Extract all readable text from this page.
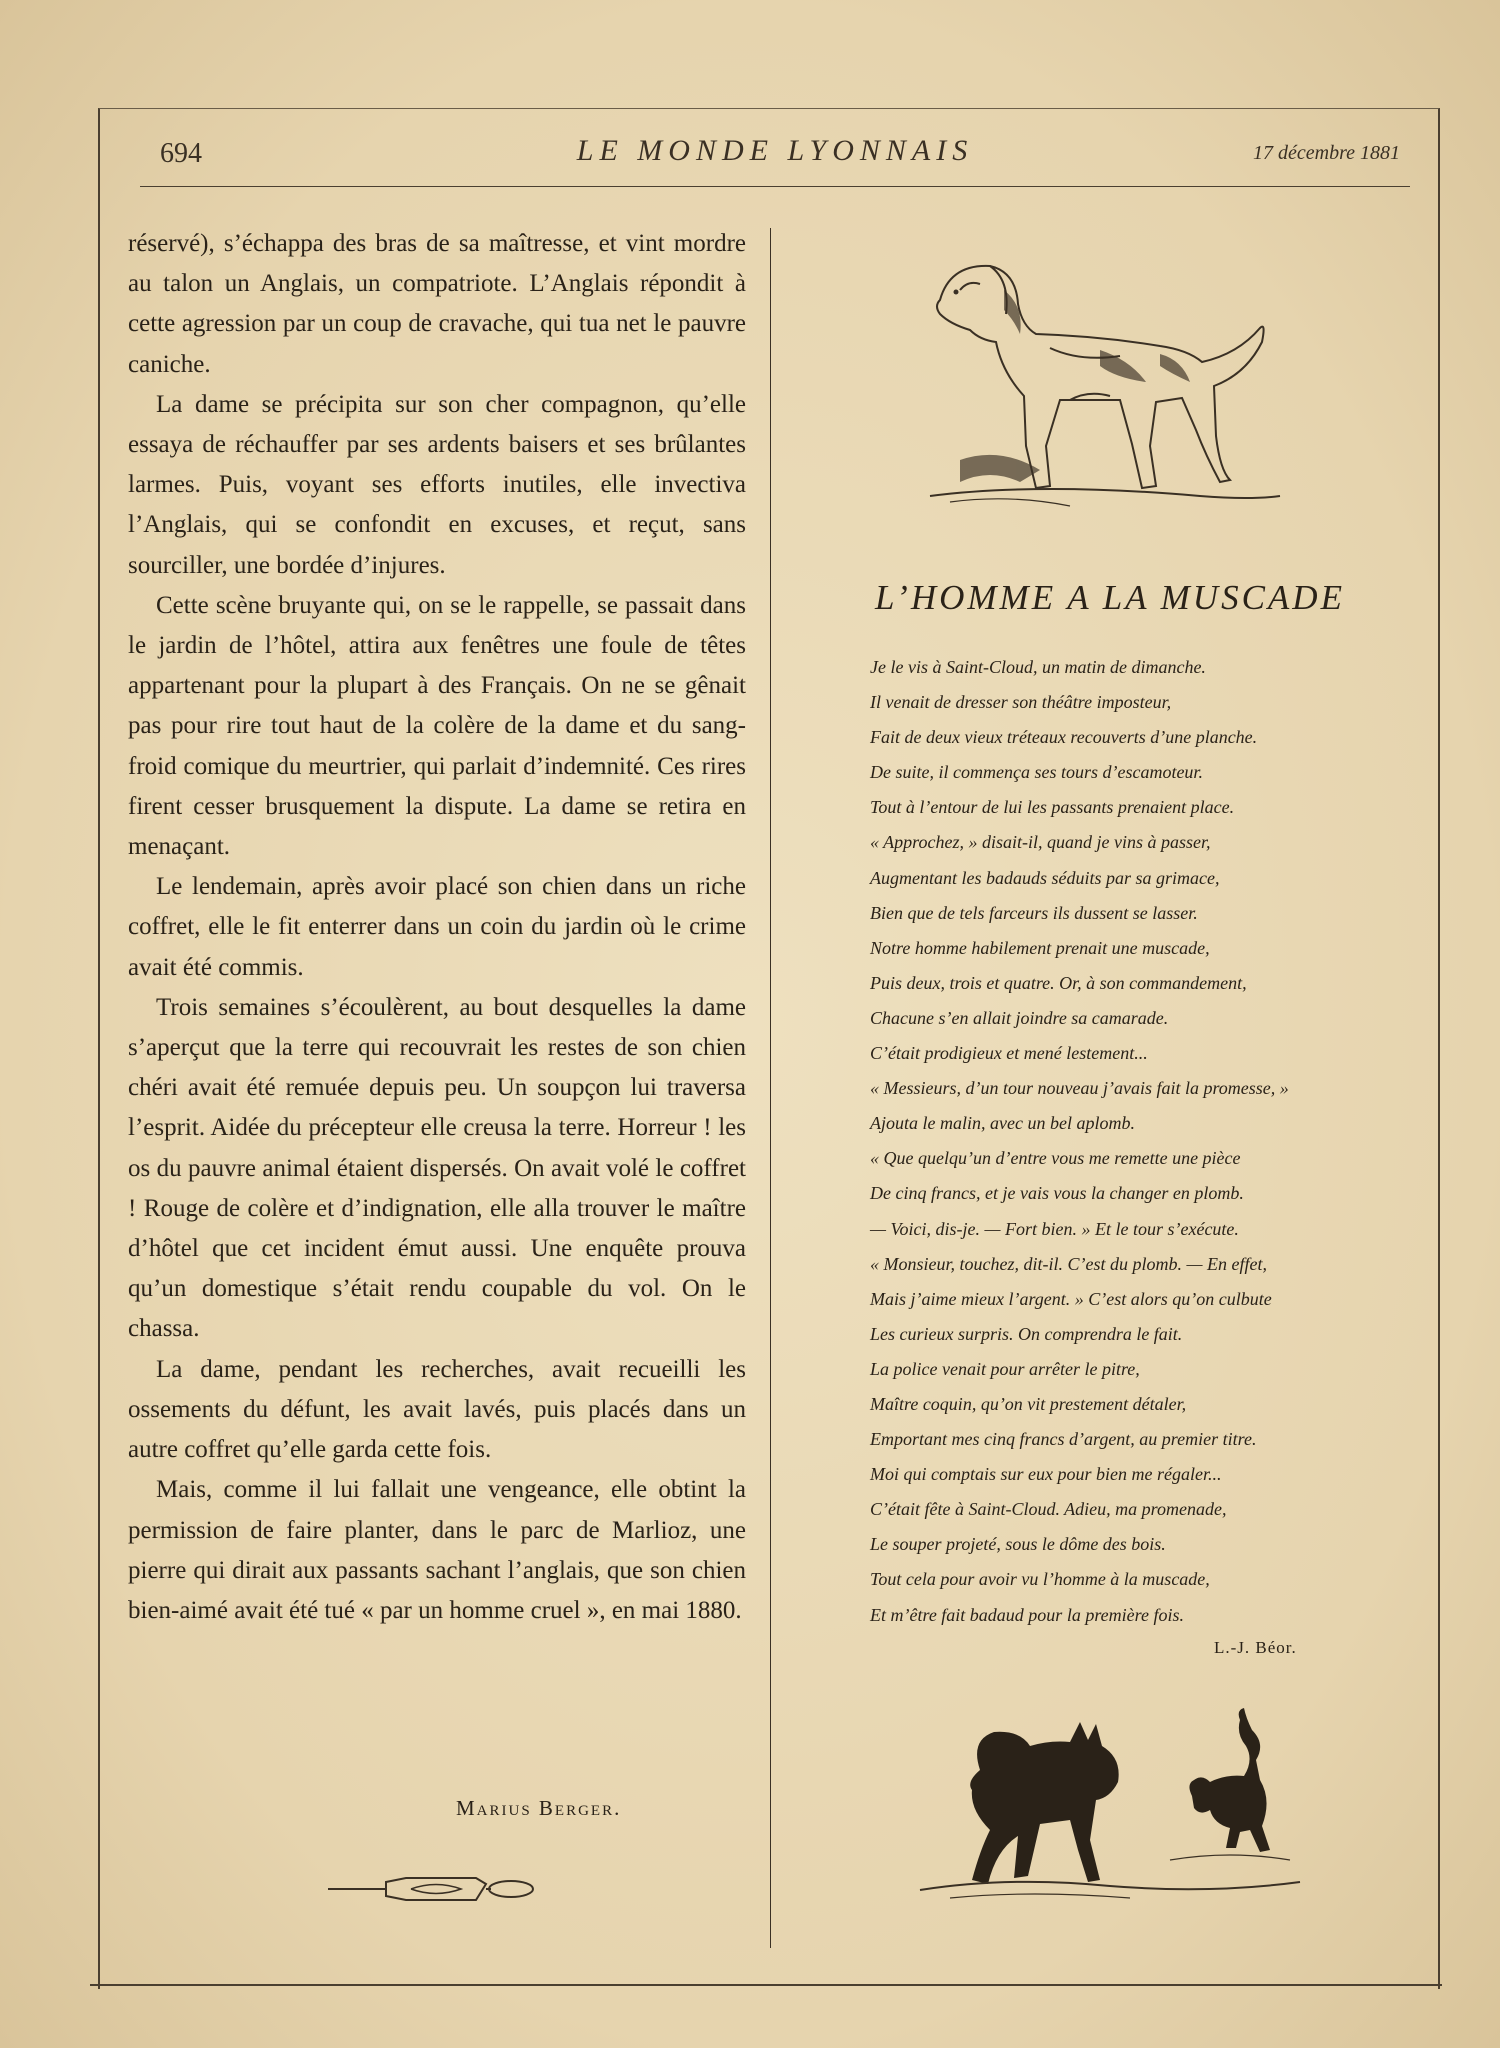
694	LE MONDE LYONNAIS	17 décembre 1881

réservé), s’échappa des bras de sa maîtresse, et vint mordre au talon un Anglais, un compatriote. L’Anglais répondit à cette agression par un coup de cravache, qui tua net le pauvre caniche.

La dame se précipita sur son cher compagnon, qu’elle essaya de réchauffer par ses ardents baisers et ses brûlantes larmes. Puis, voyant ses efforts inutiles, elle invectiva l’Anglais, qui se confondit en excuses, et reçut, sans sourciller, une bordée d’injures.

Cette scène bruyante qui, on se le rappelle, se passait dans le jardin de l’hôtel, attira aux fenêtres une foule de têtes appartenant pour la plupart à des Français. On ne se gênait pas pour rire tout haut de la colère de la dame et du sang-froid comique du meurtrier, qui parlait d’indemnité. Ces rires firent cesser brusquement la dispute. La dame se retira en menaçant.

Le lendemain, après avoir placé son chien dans un riche coffret, elle le fit enterrer dans un coin du jardin où le crime avait été commis.

Trois semaines s’écoulèrent, au bout desquelles la dame s’aperçut que la terre qui recouvrait les restes de son chien chéri avait été remuée depuis peu. Un soupçon lui traversa l’esprit. Aidée du précepteur elle creusa la terre. Horreur ! les os du pauvre animal étaient dispersés. On avait volé le coffret ! Rouge de colère et d’indignation, elle alla trouver le maître d’hôtel que cet incident émut aussi. Une enquête prouva qu’un domestique s’était rendu coupable du vol. On le chassa.

La dame, pendant les recherches, avait recueilli les ossements du défunt, les avait lavés, puis placés dans un autre coffret qu’elle garda cette fois.

Mais, comme il lui fallait une vengeance, elle obtint la permission de faire planter, dans le parc de Marlioz, une pierre qui dirait aux passants sachant l’anglais, que son chien bien-aimé avait été tué « par un homme cruel », en mai 1880.

Marius Berger.
L’HOMME A LA MUSCADE
Je le vis à Saint-Cloud, un matin de dimanche.
Il venait de dresser son théâtre imposteur,
Fait de deux vieux tréteaux recouverts d’une planche.
De suite, il commença ses tours d’escamoteur.
Tout à l’entour de lui les passants prenaient place.
« Approchez, » disait-il, quand je vins à passer,
Augmentant les badauds séduits par sa grimace,
Bien que de tels farceurs ils dussent se lasser.
Notre homme habilement prenait une muscade,
Puis deux, trois et quatre. Or, à son commandement,
Chacune s’en allait joindre sa camarade.
C’était prodigieux et mené lestement...
« Messieurs, d’un tour nouveau j’avais fait la promesse, »
Ajouta le malin, avec un bel aplomb.
« Que quelqu’un d’entre vous me remette une pièce
De cinq francs, et je vais vous la changer en plomb.
— Voici, dis-je. — Fort bien. » Et le tour s’exécute.
« Monsieur, touchez, dit-il. C’est du plomb. — En effet,
Mais j’aime mieux l’argent. » C’est alors qu’on culbute
Les curieux surpris. On comprendra le fait.
La police venait pour arrêter le pitre,
Maître coquin, qu’on vit prestement détaler,
Emportant mes cinq francs d’argent, au premier titre.
Moi qui comptais sur eux pour bien me régaler...
C’était fête à Saint-Cloud. Adieu, ma promenade,
Le souper projeté, sous le dôme des bois.
Tout cela pour avoir vu l’homme à la muscade,
Et m’être fait badaud pour la première fois.
L.-J. Béor.
